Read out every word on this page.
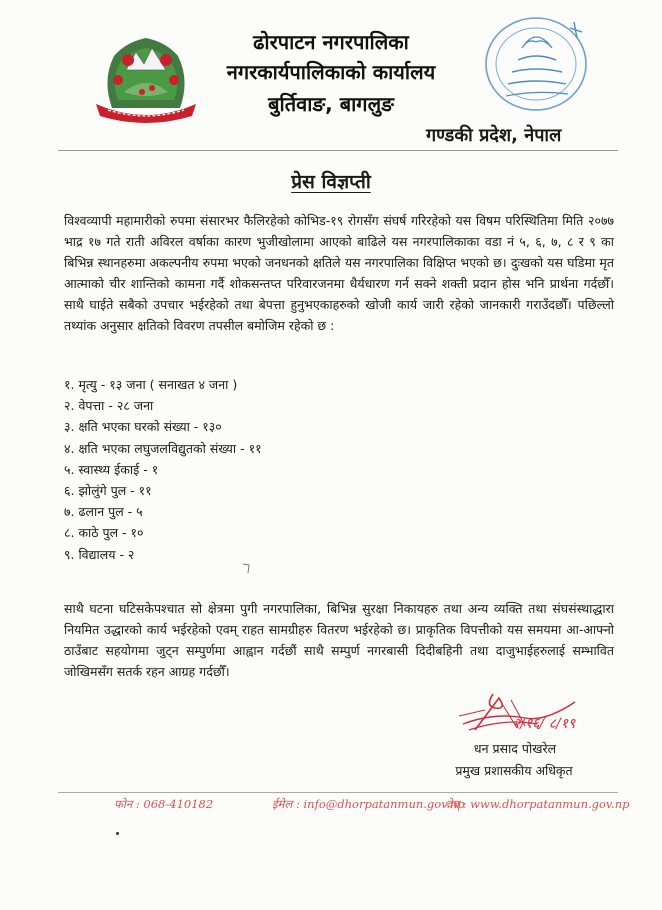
ढोरपाटन नगरपालिका
नगरकार्यपालिकाको कार्यालय
बुर्तिवाङ, बागलुङ
गण्डकी प्रदेश, नेपाल
प्रेस विज्ञप्ती
विश्वव्यापी महामारीको रुपमा संसारभर फैलिरहेको कोभिड-१९ रोगसँग संघर्ष गरिरहेको यस विषम परिस्थितिमा मिति २०७७ भाद्र १७ गते राती अविरल वर्षाका कारण भुजीखोलामा आएको बाढिले यस नगरपालिकाका वडा नं ५, ६, ७, ८ र ९ का बिभिन्न स्थानहरुमा अकल्पनीय रुपमा भएको जनधनको क्षतिले यस नगरपालिका विक्षिप्त भएको छ। दुःखको यस घडिमा मृत आत्माको चीर शान्तिको कामना गर्दै शोकसन्तप्त परिवारजनमा धैर्यधारण गर्न सक्ने शक्ती प्रदान होस भनि प्रार्थना गर्दछौँ। साथै घाईते सबैको उपचार भईरहेको तथा बेपत्ता हुनुभएकाहरुको खोजी कार्य जारी रहेको जानकारी गराउँदछौँ। पछिल्लो तथ्यांक अनुसार क्षतिको विवरण तपसील बमोजिम रहेको छ :
१. मृत्यु - १३ जना ( सनाखत ४ जना )
२. वेपत्ता - २८ जना
३. क्षति भएका घरको संख्या - १३०
४. क्षति भएका लघुजलविद्युतको संख्या - ११
५. स्वास्थ्य ईकाई - १
६. झोलुंगे पुल - ११
७. ढलान पुल - ५
८. काठे पुल - १०
९. विद्यालय - २
साथै घटना घटिसकेपश्चात सो क्षेत्रमा पुगी नगरपालिका, बिभिन्न सुरक्षा निकायहरु तथा अन्य व्यक्ति तथा संघसंस्थाद्धारा नियमित उद्धारको कार्य भईरहेको एवम् राहत सामग्रीहरु वितरण भईरहेको छ। प्राकृतिक विपत्तीको यस समयमा आ-आफ्नो ठाउँबाट सहयोगमा जुट्न सम्पुर्णमा आह्वान गर्दछौं साथै सम्पुर्ण नगरबासी दिदीबहिनी तथा दाजुभाईहरुलाई सम्भावित जोखिमसँग सतर्क रहन आग्रह गर्दछौँ।
२/१६/ ८/१९
धन प्रसाद पोखरेल
प्रमुख प्रशासकीय अधिकृत
फोन : 068-410182	ईमेल : info@dhorpatanmun.gov.np
वेब : www.dhorpatanmun.gov.np
